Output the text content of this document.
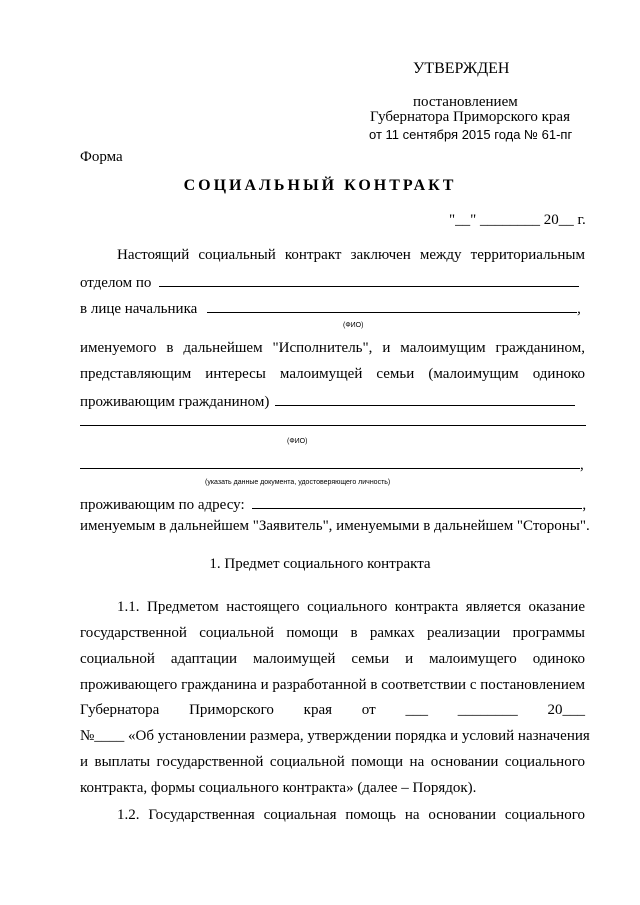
УТВЕРЖДЕН
постановлением
Губернатора Приморского края
от 11 сентября 2015 года № 61-пг
Форма
СОЦИАЛЬНЫЙ КОНТРАКТ
"__" ________ 20__ г.
Настоящий социальный контракт заключен между территориальным
отделом по
в лице начальника	,
(ФИО)
именуемого в дальнейшем "Исполнитель", и малоимущим гражданином,
представляющим интересы малоимущей семьи (малоимущим одиноко
проживающим гражданином)
(ФИО)
,
(указать данные документа, удостоверяющего личность)
проживающим по адресу:	,
именуемым в дальнейшем "Заявитель", именуемыми в дальнейшем "Стороны".
1. Предмет социального контракта
1.1. Предметом настоящего социального контракта является оказание
государственной социальной помощи в рамках реализации программы
социальной адаптации малоимущей семьи и малоимущего одиноко
проживающего гражданина и разработанной в соответствии с постановлением
Губернатора Приморского края от ___ ________ 20___
№____ «Об установлении размера, утверждении порядка и условий назначения
и выплаты государственной социальной помощи на основании социального
контракта, формы социального контракта» (далее – Порядок).
1.2. Государственная социальная помощь на основании социального
